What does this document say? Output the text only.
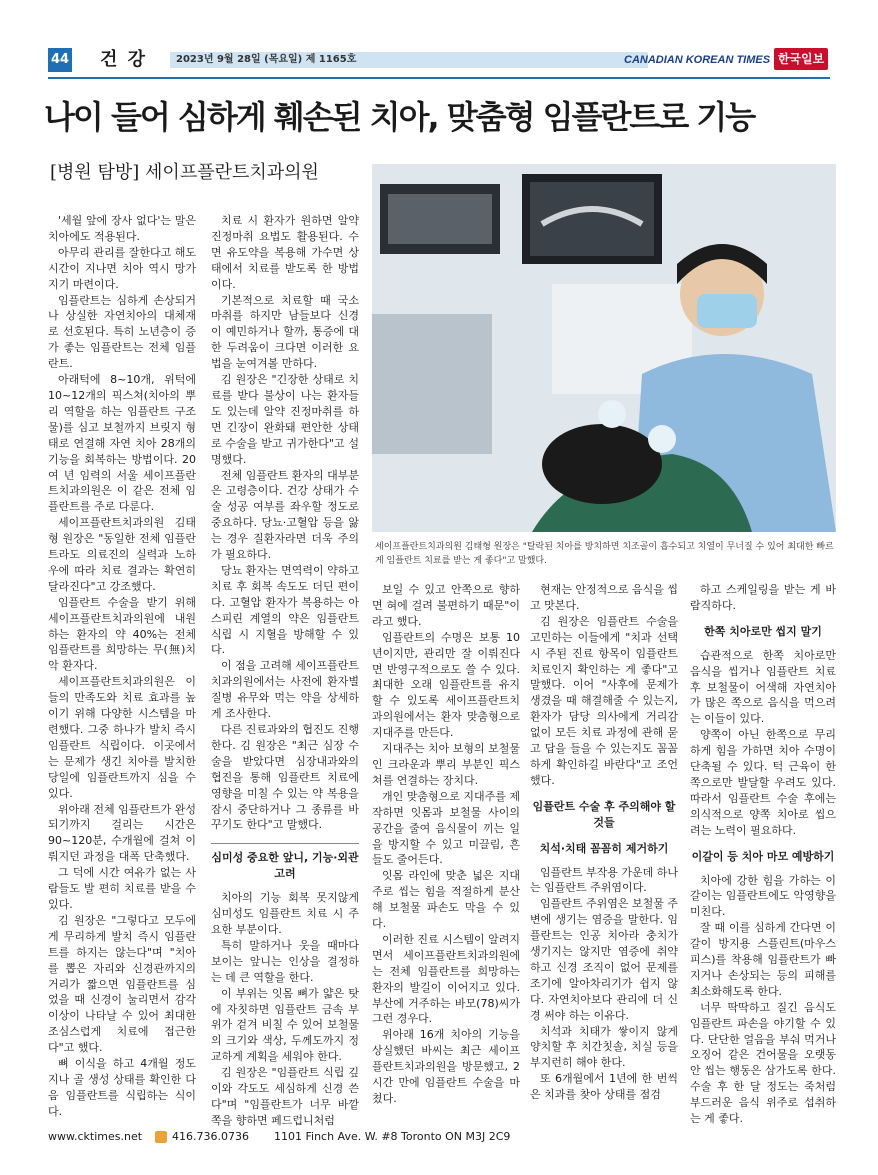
44 건 강	2023년 9월 28일 (목요일) 제 1165호	CANADIAN KOREAN TIMES 한국일보
나이 들어 심하게 훼손된 치아, 맞춤형 임플란트로 기능
[병원 탐방] 세이프플란트치과의원
세이프플란트치과의원 김태형 원장은 "탈락된 치아를 방치하면 치조골이 흡수되고 치열이 무너질 수 있어 최대한 빠르게 임플란트 치료를 받는 게 좋다"고 말했다.

'세월 앞에 장사 없다'는 말은 치아에도 적용된다.

아무리 관리를 잘한다고 해도 시간이 지나면 치아 역시 망가지기 마련이다.

임플란트는 심하게 손상되거나 상실한 자연치아의 대체재로 선호된다. 특히 노년층이 증가 좋는 임플란트는 전체 임플란트.

아래턱에 8~10개, 위턱에 10~12개의 픽스쳐(치아의 뿌리 역할을 하는 임플란트 구조물)를 심고 보철까지 브릿지 형태로 연결해 자연 치아 28개의 기능을 회복하는 방법이다. 20여 년 임력의 서울 세이프플란트치과의원은 이 같은 전체 임플란트를 주로 다룬다.

세이프플란트치과의원 김태형 원장은 "동일한 전체 임플란트라도 의료진의 실력과 노하우에 따라 치료 결과는 확연히 달라진다"고 강조했다.

임플란트 수술을 받기 위해 세이프플란트치과의원에 내원하는 환자의 약 40%는 전체 임플란트를 희망하는 무(無)치악 환자다.

세이프플란트치과의원은 이들의 만족도와 치료 효과를 높이기 위해 다양한 시스템을 마련했다. 그중 하나가 발치 즉시 임플란트 식립이다. 이곳에서는 문제가 생긴 치아를 발치한 당일에 임플란트까지 심을 수 있다.

위아래 전체 임플란트가 완성되기까지 걸리는 시간은 90~120분, 수개월에 걸쳐 이뤄지던 과정을 대폭 단축했다.

그 덕에 시간 여유가 없는 사람들도 발 편히 치료를 받을 수 있다.

김 원장은 "그렇다고 모두에게 무리하게 발치 즉시 임플란트를 하지는 않는다"며 "치아를 뽑은 자리와 신경관까지의 거리가 짧으면 임플란트를 심었을 때 신경이 눌리면서 감각 이상이 나타날 수 있어 최대한 조심스럽게 치료에 접근한다"고 했다.

뼈 이식을 하고 4개월 정도 지나 골 생성 상태를 확인한 다음 임플란트를 식립하는 식이다.

치료 시 환자가 원하면 알약 진정마취 요법도 활용된다. 수면 유도약을 복용해 가수면 상태에서 치료를 받도록 한 방법이다.

기본적으로 치료할 때 국소 마취를 하지만 남들보다 신경이 예민하거나 할까, 통증에 대한 두려움이 크다면 이러한 요법을 눈여겨볼 만하다.

김 원장은 "긴장한 상태로 치료를 받다 불상이 나는 환자들도 있는데 알약 진정마취를 하면 긴장이 완화돼 편안한 상태로 수술을 받고 귀가한다"고 설명했다.

전체 임플란트 환자의 대부분은 고령층이다. 건강 상태가 수술 성공 여부를 좌우할 정도로 중요하다. 당뇨·고혈압 등을 앓는 경우 질환자라면 더욱 주의가 필요하다.

당뇨 환자는 면역력이 약하고 치료 후 회복 속도도 더딘 편이다. 고혈압 환자가 복용하는 아스피린 계열의 약은 임플란트 식립 시 지혈을 방해할 수 있다.

이 점을 고려해 세이프플란트치과의원에서는 사전에 환자별 질병 유무와 먹는 약을 상세하게 조사한다.

다른 진료과와의 협진도 진행한다. 김 원장은 "최근 심장 수술을 받았다면 심장내과와의 협진을 통해 임플란트 치료에 영향을 미칠 수 있는 약 복용을 잠시 중단하거나 그 종류를 바꾸기도 한다"고 말했다.

심미성 중요한 앞니, 기능·외관 고려

치아의 기능 회복 못지않게 심미성도 임플란트 치료 시 주요한 부분이다.

특히 말하거나 웃을 때마다 보이는 앞니는 인상을 결정하는 데 큰 역할을 한다.

이 부위는 잇몸 뼈가 얇은 탓에 자칫하면 임플란트 금속 부위가 겉겨 비칠 수 있어 보철물의 크기와 색상, 두께도까지 정교하게 계획을 세워야 한다.

김 원장은 "임플란트 식립 깊이와 각도도 세심하게 신경 쓴다"며 "임플란트가 너무 바깥쪽을 향하면 페드럽니처럼

보일 수 있고 안쪽으로 향하면 혀에 걸려 불편하기 때문"이라고 했다.

임플란트의 수명은 보통 10년이지만, 관리만 잘 이뤄진다면 반영구적으로도 쓸 수 있다. 최대한 오래 임플란트를 유지할 수 있도록 세이프플란트치과의원에서는 환자 맞춤형으로 지대주를 만든다.

지대주는 치아 보형의 보철물인 크라운과 뿌리 부분인 픽스쳐를 연결하는 장치다.

개인 맞춤형으로 지대주를 제작하면 잇몸과 보철물 사이의 공간을 줄여 음식물이 끼는 일을 방지할 수 있고 미끌림, 흔들도 줄어든다.

잇몸 라인에 맞춘 넓은 지대주로 씹는 힘을 적절하게 분산해 보철물 파손도 막을 수 있다.

이러한 진료 시스템이 알려지면서 세이프플란트치과의원에는 전체 임플란트를 희망하는 환자의 발길이 이어지고 있다. 부산에 거주하는 바모(78)씨가 그런 경우다.

위아래 16개 치아의 기능을 상실했던 바씨는 최근 세이프플란트치과의원을 방문했고, 2시간 만에 임플란트 수술을 마쳤다.

현재는 안정적으로 음식을 씹고 맛본다.

김 원장은 임플란트 수술을 고민하는 이들에게 "치과 선택 시 주된 진료 항목이 임플란트 치료인지 확인하는 게 좋다"고 말했다. 이어 "사후에 문제가 생겼을 때 해결해줄 수 있는지, 환자가 담당 의사에게 거리감 없이 모든 치료 과정에 관해 묻고 답을 들을 수 있는지도 꼼꼼하게 확인하길 바란다"고 조언했다.

임플란트 수술 후 주의해야 할 것들
치석·치태 꼼꼼히 제거하기

임플란트 부작용 가운데 하나는 임플란트 주위염이다.

임플란트 주위염은 보철물 주변에 생기는 염증을 말한다. 임플란트는 인공 치아라 충치가 생기지는 않지만 염증에 취약하고 신경 조직이 없어 문제를 조기에 알아차리기가 쉽지 않다. 자연치아보다 관리에 더 신경 써야 하는 이유다.

치석과 치태가 쌓이지 않게 양치할 후 치간칫솔, 치실 등을 부지런히 해야 한다.

또 6개월에서 1년에 한 번씩은 치과를 찾아 상태를 점검

하고 스케일링을 받는 게 바람직하다.

한쪽 치아로만 씹지 말기

습관적으로 한쪽 치아로만 음식을 씹거나 임플란트 치료 후 보철물이 어색해 자연치아가 많은 쪽으로 음식을 먹으려는 이들이 있다.

양쪽이 아닌 한쪽으로 무리하게 힘을 가하면 치아 수명이 단축될 수 있다. 턱 근육이 한쪽으로만 발달할 우려도 있다. 따라서 임플란트 수술 후에는 의식적으로 양쪽 치아로 씹으려는 노력이 필요하다.

이갈이 등 치아 마모 예방하기

치아에 강한 힘을 가하는 이갈이는 임플란트에도 악영향을 미친다.

잘 때 이를 심하게 간다면 이갈이 방지용 스플린트(마우스피스)를 착용해 임플란트가 빠지거나 손상되는 등의 피해를 최소화해도록 한다.

너무 딱딱하고 질긴 음식도 임플란트 파손을 야기할 수 있다. 단단한 얼음을 부숴 먹거나 오징어 같은 건어물을 오랫동안 씹는 행동은 삼가도록 한다. 수술 후 한 달 정도는 죽처럼 부드러운 음식 위주로 섭취하는 게 좋다.

www.cktimes.net	416.736.0736 1101 Finch Ave. W. #8 Toronto ON M3J 2C9
